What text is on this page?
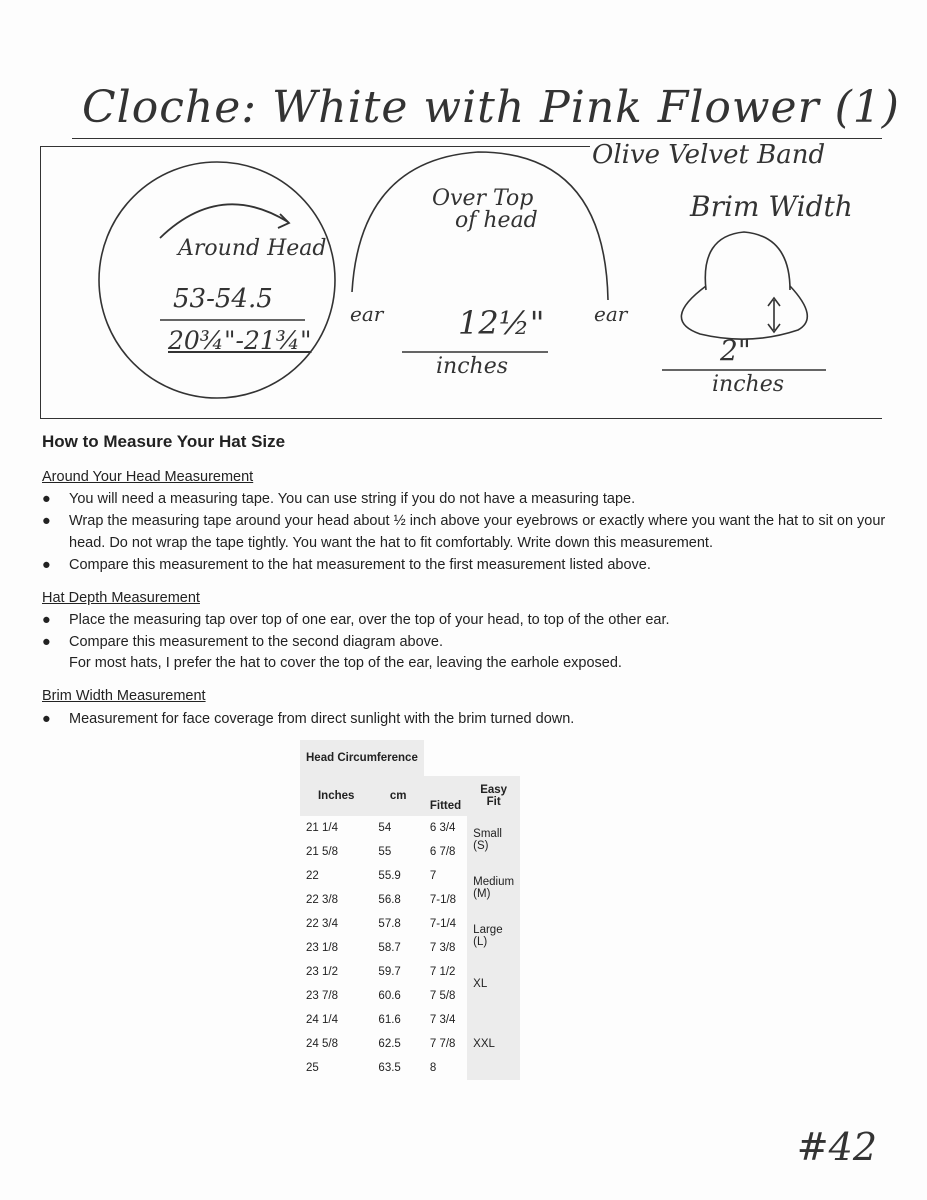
Cloche: White with Pink Flower (1)
Olive Velvet Band
Around Head
53-54.5
20¾"-21¾"
Over Top
of head
ear	ear
12½"
inches
Brim Width
2"
inches
How to Measure Your Hat Size
Around Your Head Measurement
● You will need a measuring tape. You can use string if you do not have a measuring tape.
● Wrap the measuring tape around your head about ½ inch above your eyebrows or exactly where you want the hat to sit on your head. Do not wrap the tape tightly. You want the hat to fit comfortably. Write down this measurement.
● Compare this measurement to the hat measurement to the first measurement listed above.
Hat Depth Measurement
● Place the measuring tap over top of one ear, over the top of your head, to top of the other ear.
● Compare this measurement to the second diagram above.
For most hats, I prefer the hat to cover the top of the ear, leaving the earhole exposed.
Brim Width Measurement
● Measurement for face coverage from direct sunlight with the brim turned down.
Head Circumference			
Inches	cm	Fitted	Easy Fit
21 1/4	54	6 3/4	Small (S)
21 5/8	55	6 7/8	
22	55.9	7	Medium (M)
22 3/8	56.8	7-1/8	
22 3/4	57.8	7-1/4	Large (L)
23 1/8	58.7	7 3/8	
23 1/2	59.7	7 1/2	XL
23 7/8	60.6	7 5/8	
24 1/4	61.6	7 3/4	XXL
24 5/8	62.5	7 7/8	
25	63.5	8	
#42
